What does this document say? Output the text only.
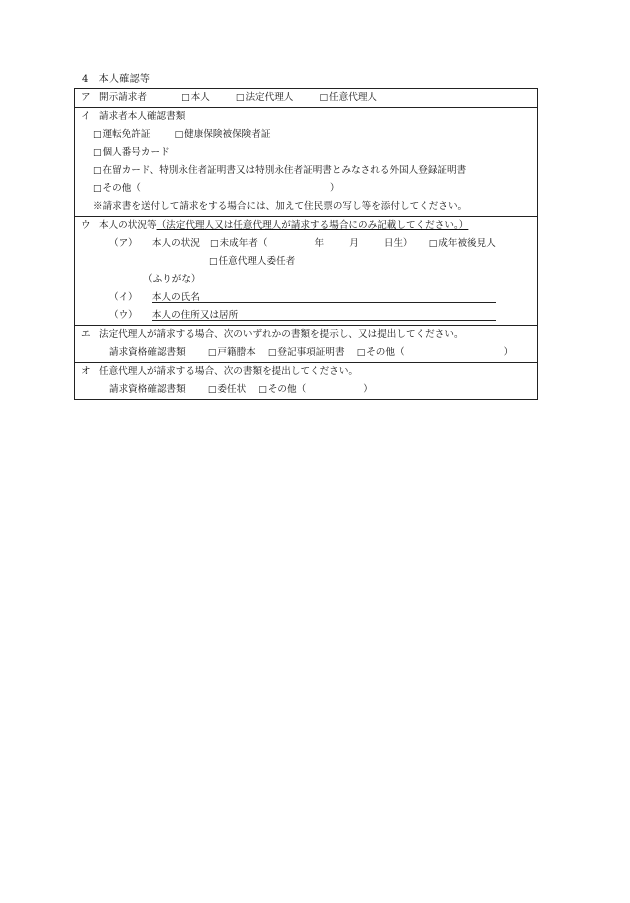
4 本人確認等
ア 開示請求者	□本人	□法定代理人	□任意代理人
イ 請求者本人確認書類
□運転免許証	□健康保険被保険者証
□個人番号カード
□在留カード、特別永住者証明書又は特別永住者証明書とみなされる外国人登録証明書
□その他（	）
※請求書を送付して請求をする場合には、加えて住民票の写し等を添付してください。
ウ 本人の状況等（法定代理人又は任意代理人が請求する場合にのみ記載してください。）
（ア） 本人の状況 □未成年者（	年	月	日生） □成年被後見人
□任意代理人委任者
（ふりがな）
（イ） 本人の氏名
（ウ） 本人の住所又は居所
エ 法定代理人が請求する場合、次のいずれかの書類を提示し、又は提出してください。
請求資格確認書類 □戸籍謄本 □登記事項証明書 □その他（	）
オ 任意代理人が請求する場合、次の書類を提出してください。
請求資格確認書類 □委任状 □その他（	）
